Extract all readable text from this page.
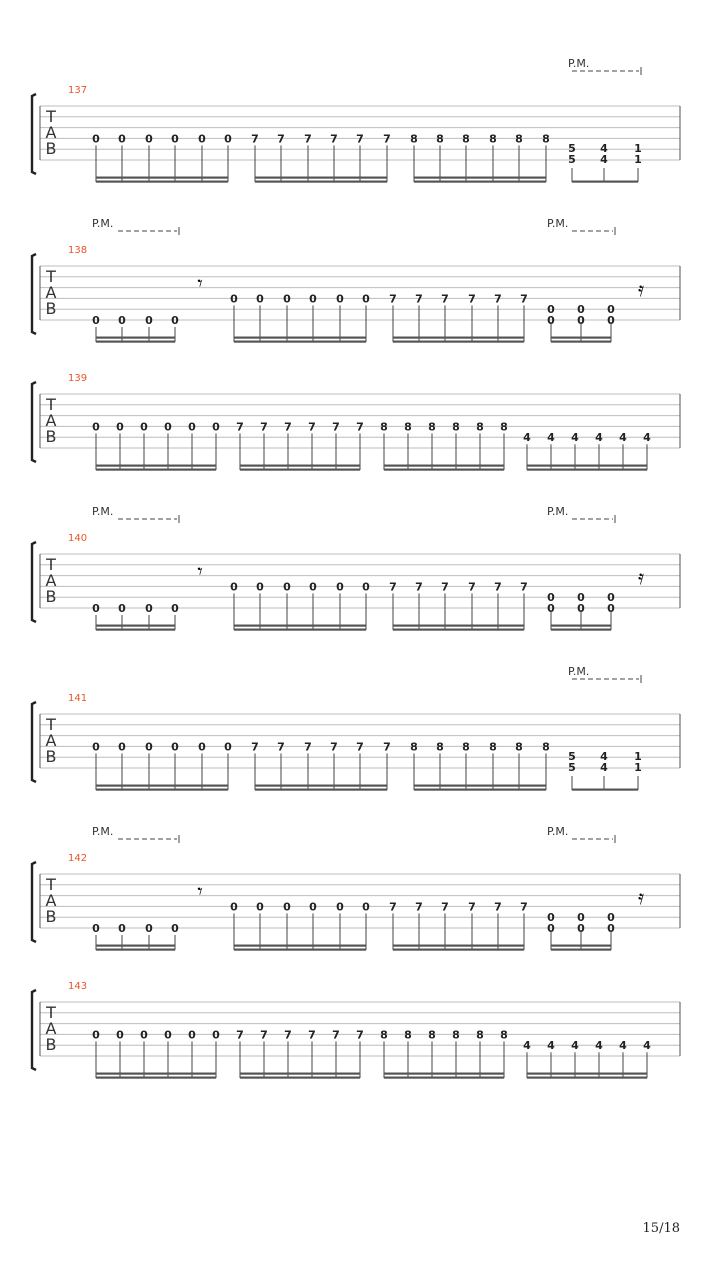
T
A
B
137
P.M.
0 0 0 0 0 0 7 7 7 7 7 7 8 8 8 8 8 8
5
5
4
4
1
1
T
A
B
138
P.M.	P.M.
0 0 0 0
0 0 0 0 0 0 7 7 7 7 7 7
0
0
0
0
0
0
𝄾	𝄿
T
A
B
139
0 0 0 0 0 0 7 7 7 7 7 7 8 8 8 8 8 8
4 4 4 4 4 4
T
A
B
140
P.M.	P.M.
0 0 0 0
0 0 0 0 0 0 7 7 7 7 7 7
0
0
0
0
0
0
𝄾	𝄿
T
A
B
141
P.M.
0 0 0 0 0 0 7 7 7 7 7 7 8 8 8 8 8 8
5
5
4
4
1
1
T
A
B
142
P.M.	P.M.
0 0 0 0
0 0 0 0 0 0 7 7 7 7 7 7
0
0
0
0
0
0
𝄾	𝄿
T
A
B
143
0 0 0 0 0 0 7 7 7 7 7 7 8 8 8 8 8 8
4 4 4 4 4 4
15/18
